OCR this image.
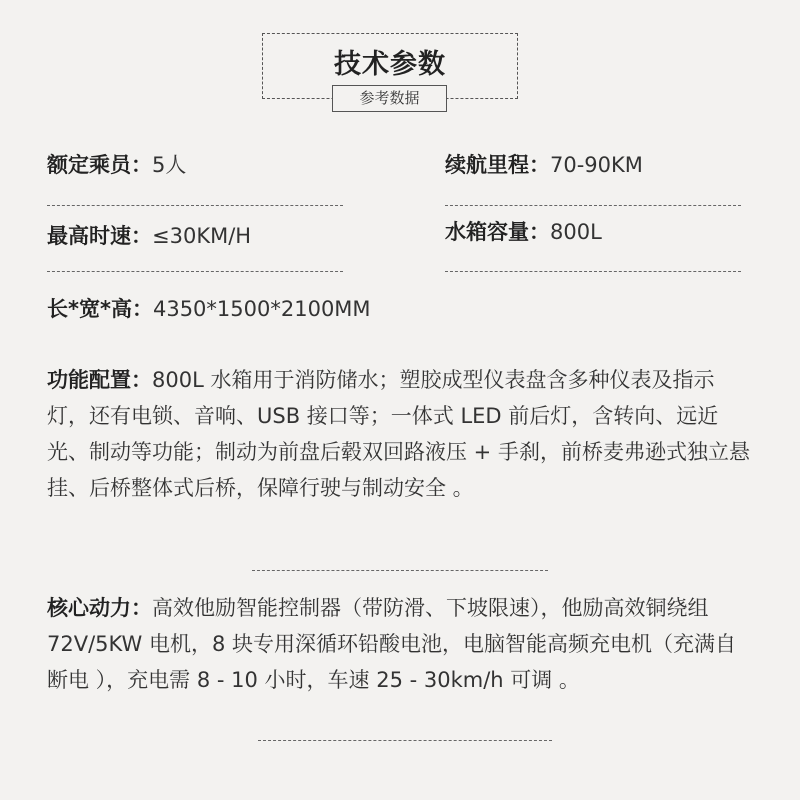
技术参数
参考数据
额定乘员：5人	续航里程：70-90KM
最高时速：≤30KM/H	水箱容量：800L
长*宽*高：4350*1500*2100MM
功能配置：800L 水箱用于消防储水；塑胶成型仪表盘含多种仪表及指示灯，还有电锁、音响、USB 接口等；一体式 LED 前后灯，含转向、远近光、制动等功能；制动为前盘后毂双回路液压 + 手刹，前桥麦弗逊式独立悬挂、后桥整体式后桥，保障行驶与制动安全 。
核心动力：高效他励智能控制器（带防滑、下坡限速），他励高效铜绕组 72V/5KW 电机，8 块专用深循环铅酸电池，电脑智能高频充电机（充满自断电 ），充电需 8 - 10 小时，车速 25 - 30km/h 可调 。
